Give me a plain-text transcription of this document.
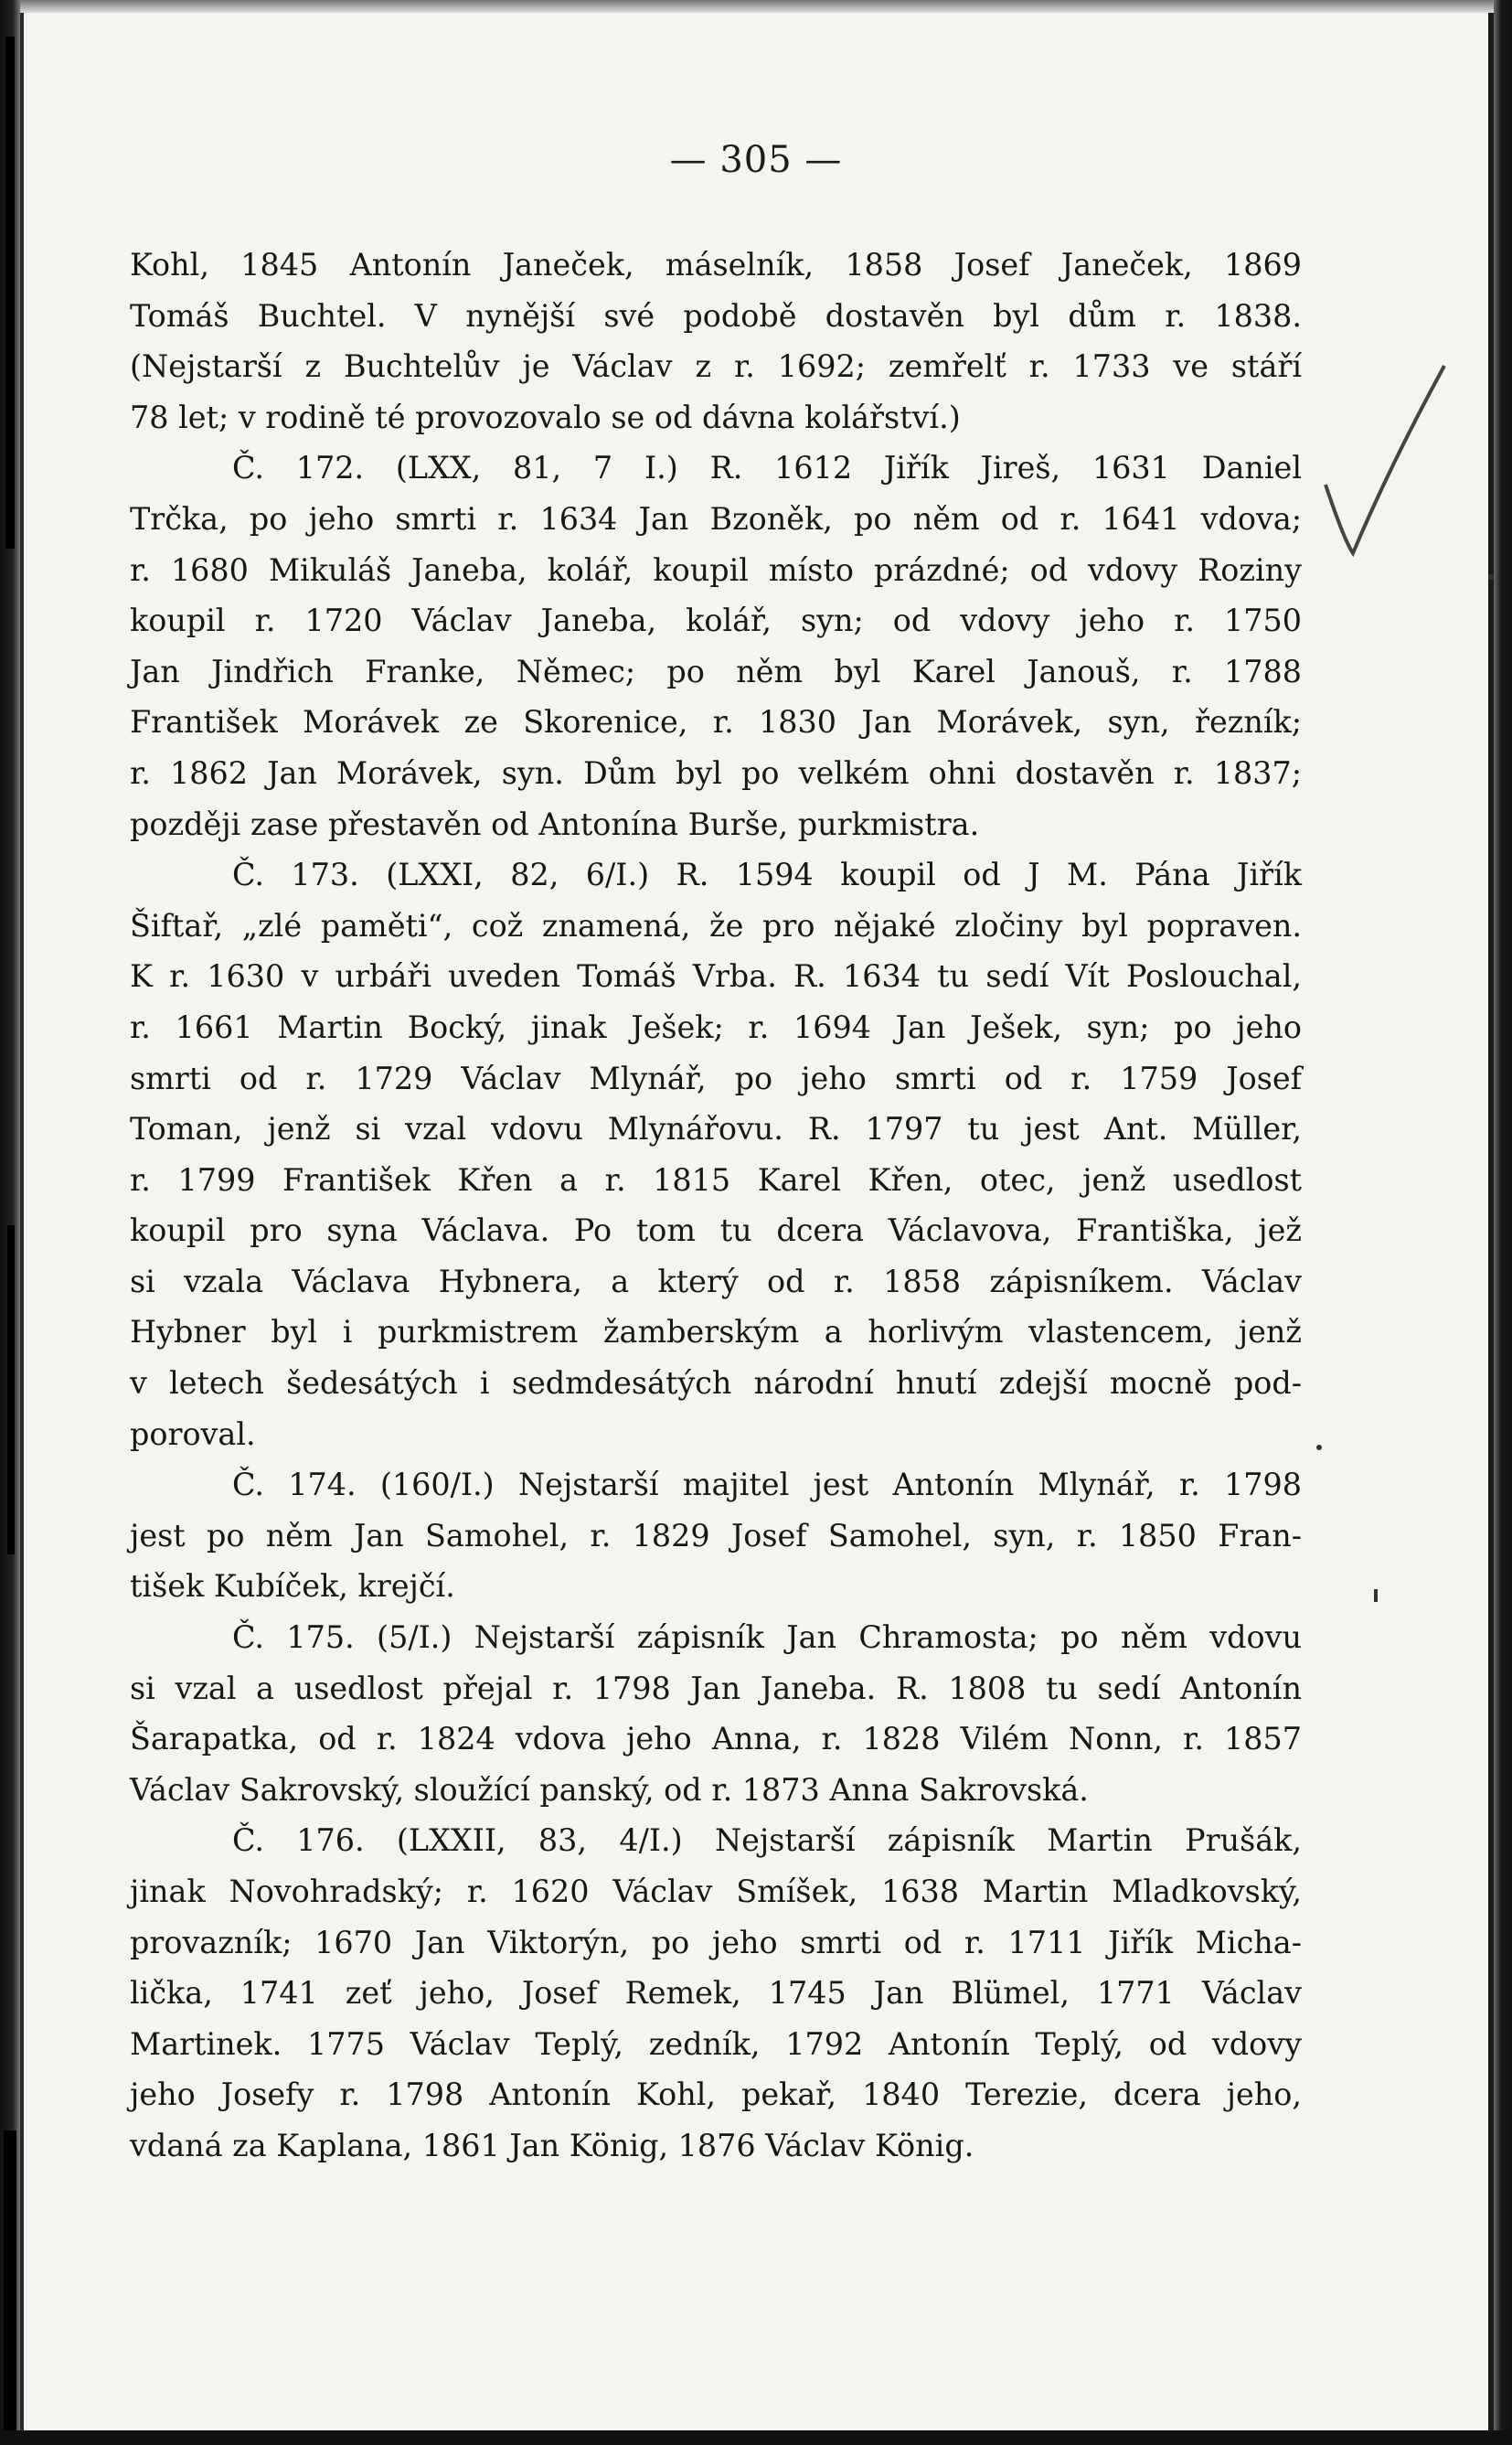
— 305 —
Kohl, 1845 Antonín Janeček, máselník, 1858 Josef Janeček, 1869
Tomáš Buchtel. V nynější své podobě dostavěn byl dům r. 1838.
(Nejstarší z Buchtelův je Václav z r. 1692; zemřelť r. 1733 ve stáří
78 let; v rodině té provozovalo se od dávna kolářství.)
Č. 172. (LXX, 81, 7 I.) R. 1612 Jiřík Jireš, 1631 Daniel
Trčka, po jeho smrti r. 1634 Jan Bzoněk, po něm od r. 1641 vdova;
r. 1680 Mikuláš Janeba, kolář, koupil místo prázdné; od vdovy Roziny
koupil r. 1720 Václav Janeba, kolář, syn; od vdovy jeho r. 1750
Jan Jindřich Franke, Němec; po něm byl Karel Janouš, r. 1788
František Morávek ze Skorenice, r. 1830 Jan Morávek, syn, řezník;
r. 1862 Jan Morávek, syn. Dům byl po velkém ohni dostavěn r. 1837;
později zase přestavěn od Antonína Burše, purkmistra.
Č. 173. (LXXI, 82, 6/I.) R. 1594 koupil od J M. Pána Jiřík
Šiftař, „zlé paměti“, což znamená, že pro nějaké zločiny byl popraven.
K r. 1630 v urbáři uveden Tomáš Vrba. R. 1634 tu sedí Vít Poslouchal,
r. 1661 Martin Bocký, jinak Ješek; r. 1694 Jan Ješek, syn; po jeho
smrti od r. 1729 Václav Mlynář, po jeho smrti od r. 1759 Josef
Toman, jenž si vzal vdovu Mlynářovu. R. 1797 tu jest Ant. Müller,
r. 1799 František Křen a r. 1815 Karel Křen, otec, jenž usedlost
koupil pro syna Václava. Po tom tu dcera Václavova, Františka, jež
si vzala Václava Hybnera, a který od r. 1858 zápisníkem. Václav
Hybner byl i purkmistrem žamberským a horlivým vlastencem, jenž
v letech šedesátých i sedmdesátých národní hnutí zdejší mocně pod-
poroval.
Č. 174. (160/I.) Nejstarší majitel jest Antonín Mlynář, r. 1798
jest po něm Jan Samohel, r. 1829 Josef Samohel, syn, r. 1850 Fran-
tišek Kubíček, krejčí.
Č. 175. (5/I.) Nejstarší zápisník Jan Chramosta; po něm vdovu
si vzal a usedlost přejal r. 1798 Jan Janeba. R. 1808 tu sedí Antonín
Šarapatka, od r. 1824 vdova jeho Anna, r. 1828 Vilém Nonn, r. 1857
Václav Sakrovský, sloužící panský, od r. 1873 Anna Sakrovská.
Č. 176. (LXXII, 83, 4/I.) Nejstarší zápisník Martin Prušák,
jinak Novohradský; r. 1620 Václav Smíšek, 1638 Martin Mladkovský,
provazník; 1670 Jan Viktorýn, po jeho smrti od r. 1711 Jiřík Micha-
lička, 1741 zeť jeho, Josef Remek, 1745 Jan Blümel, 1771 Václav
Martinek. 1775 Václav Teplý, zedník, 1792 Antonín Teplý, od vdovy
jeho Josefy r. 1798 Antonín Kohl, pekař, 1840 Terezie, dcera jeho,
vdaná za Kaplana, 1861 Jan König, 1876 Václav König.
